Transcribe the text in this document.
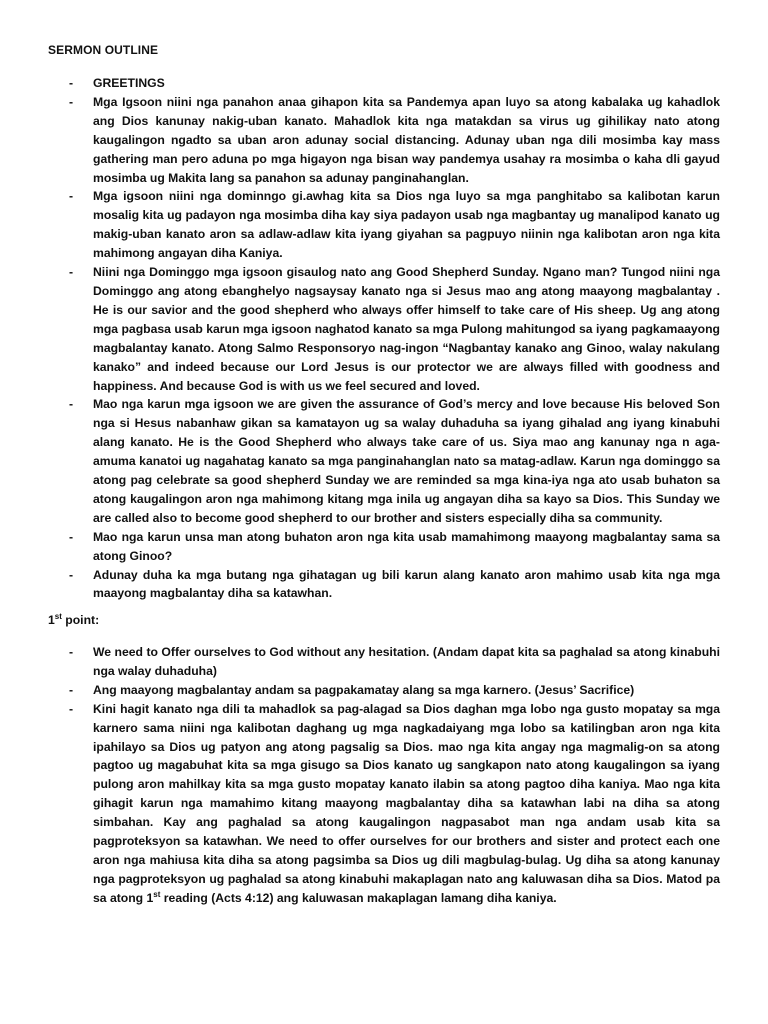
SERMON OUTLINE
- GREETINGS
- Mga Igsoon niini nga panahon anaa gihapon kita sa Pandemya apan luyo sa atong kabalaka ug kahadlok ang Dios kanunay nakig-uban kanato. Mahadlok kita nga matakdan sa virus ug gihilikay nato atong kaugalingon ngadto sa uban aron adunay social distancing. Adunay uban nga dili mosimba kay mass gathering man pero aduna po mga higayon nga bisan way pandemya usahay ra mosimba o kaha dli gayud mosimba ug Makita lang sa panahon sa adunay panginahanglan.
- Mga igsoon niini nga dominngo gi.awhag kita sa Dios nga luyo sa mga panghitabo sa kalibotan karun mosalig kita ug padayon nga mosimba diha kay siya padayon usab nga magbantay ug manalipod kanato ug makig-uban kanato aron sa adlaw-adlaw kita iyang giyahan sa pagpuyo niinin nga kalibotan aron nga kita mahimong angayan diha Kaniya.
- Niini nga Dominggo mga igsoon gisaulog nato ang Good Shepherd Sunday. Ngano man? Tungod niini nga Dominggo ang atong ebanghelyo nagsaysay kanato nga si Jesus mao ang atong maayong magbalantay . He is our savior and the good shepherd who always offer himself to take care of His sheep. Ug ang atong mga pagbasa usab karun mga igsoon naghatod kanato sa mga Pulong mahitungod sa iyang pagkamaayong magbalantay kanato. Atong Salmo Responsoryo nag-ingon “Nagbantay kanako ang Ginoo, walay nakulang kanako” and indeed because our Lord Jesus is our protector we are always filled with goodness and happiness. And because God is with us we feel secured and loved.
- Mao nga karun mga igsoon we are given the assurance of God’s mercy and love because His beloved Son nga si Hesus nabanhaw gikan sa kamatayon ug sa walay duhaduha sa iyang gihalad ang iyang kinabuhi alang kanato. He is the Good Shepherd who always take care of us. Siya mao ang kanunay nga n aga-amuma kanatoi ug nagahatag kanato sa mga panginahanglan nato sa matag-adlaw. Karun nga dominggo sa atong pag celebrate sa good shepherd Sunday we are reminded sa mga kina-iya nga ato usab buhaton sa atong kaugalingon aron nga mahimong kitang mga inila ug angayan diha sa kayo sa Dios. This Sunday we are called also to become good shepherd to our brother and sisters especially diha sa community.
- Mao nga karun unsa man atong buhaton aron nga kita usab mamahimong maayong magbalantay sama sa atong Ginoo?
- Adunay duha ka mga butang nga gihatagan ug bili karun alang kanato aron mahimo usab kita nga mga maayong magbalantay diha sa katawhan.
1st point:
- We need to Offer ourselves to God without any hesitation. (Andam dapat kita sa paghalad sa atong kinabuhi nga walay duhaduha)
- Ang maayong magbalantay andam sa pagpakamatay alang sa mga karnero. (Jesus’ Sacrifice)
- Kini hagit kanato nga dili ta mahadlok sa pag-alagad sa Dios daghan mga lobo nga gusto mopatay sa mga karnero sama niini nga kalibotan daghang ug mga nagkadaiyang mga lobo sa katilingban aron nga kita ipahilayo sa Dios ug patyon ang atong pagsalig sa Dios. mao nga kita angay nga magmalig-on sa atong pagtoo ug magabuhat kita sa mga gisugo sa Dios kanato ug sangkapon nato atong kaugalingon sa iyang pulong aron mahilkay kita sa mga gusto mopatay kanato ilabin sa atong pagtoo diha kaniya. Mao nga kita gihagit karun nga mamahimo kitang maayong magbalantay diha sa katawhan labi na diha sa atong simbahan. Kay ang paghalad sa atong kaugalingon nagpasabot man nga andam usab kita sa pagproteksyon sa katawhan. We need to offer ourselves for our brothers and sister and protect each one aron nga mahiusa kita diha sa atong pagsimba sa Dios ug dili magbulag-bulag. Ug diha sa atong kanunay nga pagproteksyon ug paghalad sa atong kinabuhi makaplagan nato ang kaluwasan diha sa Dios. Matod pa sa atong 1st reading (Acts 4:12) ang kaluwasan makaplagan lamang diha kaniya.
